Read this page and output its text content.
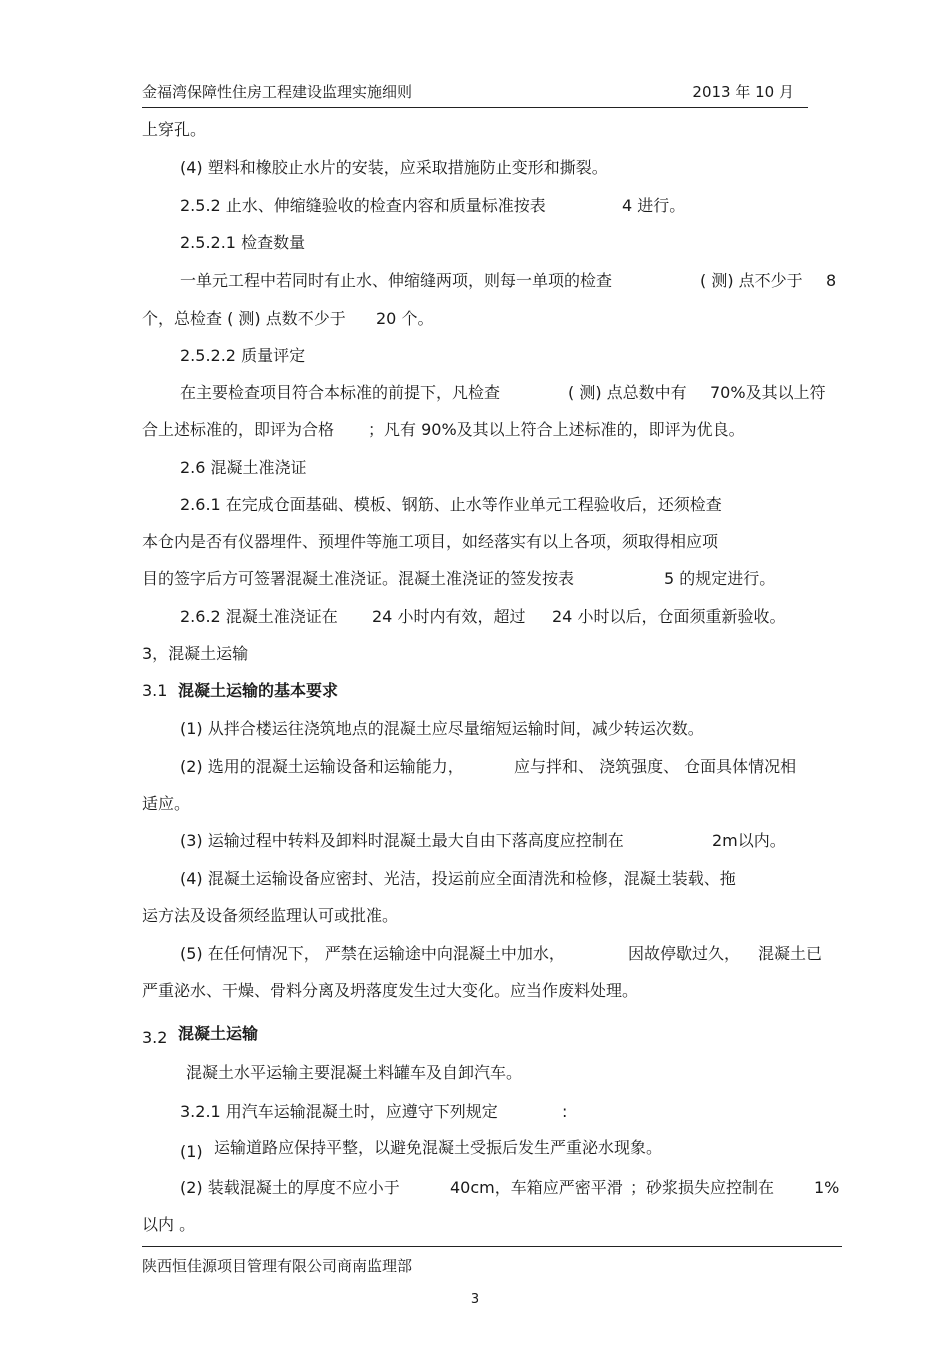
金福湾保障性住房工程建设监理实施细则	2013 年 10 月
上穿孔。
(4) 塑料和橡胶止水片的安装，应采取措施防止变形和撕裂。
2.5.2 止水、伸缩缝验收的检查内容和质量标准按表	4 进行。
2.5.2.1 检查数量
一单元工程中若同时有止水、伸缩缝两项，则每一单项的检查	( 测) 点不少于 8
个，总检查 ( 测) 点数不少于 20 个。
2.5.2.2 质量评定
在主要检查项目符合本标准的前提下，凡检查	( 测) 点总数中有 70%及其以上符
合上述标准的，即评为合格 ；凡有 90%及其以上符合上述标准的，即评为优良。
2.6 混凝土准浇证
2.6.1 在完成仓面基础、模板、钢筋、止水等作业单元工程验收后，还须检查
本仓内是否有仪器埋件、预埋件等施工项目，如经落实有以上各项，须取得相应项
目的签字后方可签署混凝土准浇证。混凝土准浇证的签发按表	5 的规定进行。
2.6.2 混凝土准浇证在 24 小时内有效，超过 24 小时以后，仓面须重新验收。
3，混凝土运输
3.1 混凝土运输的基本要求
(1) 从拌合楼运往浇筑地点的混凝土应尽量缩短运输时间，减少转运次数。
(2) 选用的混凝土运输设备和运输能力，	应与拌和、 浇筑强度、 仓面具体情况相
适应。
(3) 运输过程中转料及卸料时混凝土最大自由下落高度应控制在	2m以内。
(4) 混凝土运输设备应密封、光洁，投运前应全面清洗和检修，混凝土装载、拖
运方法及设备须经监理认可或批准。
(5) 在任何情况下， 严禁在运输途中向混凝土中加水，	因故停歇过久， 混凝土已
严重泌水、干燥、骨料分离及坍落度发生过大变化。应当作废料处理。
3.2 混凝土运输
混凝土水平运输主要混凝土料罐车及自卸汽车。
3.2.1 用汽车运输混凝土时，应遵守下列规定	:
(1) 运输道路应保持平整，以避免混凝土受振后发生严重泌水现象。
(2) 装载混凝土的厚度不应小于	40cm，车箱应严密平滑 ；砂浆损失应控制在 1%
以内 。
陕西恒佳源项目管理有限公司商南监理部
3
